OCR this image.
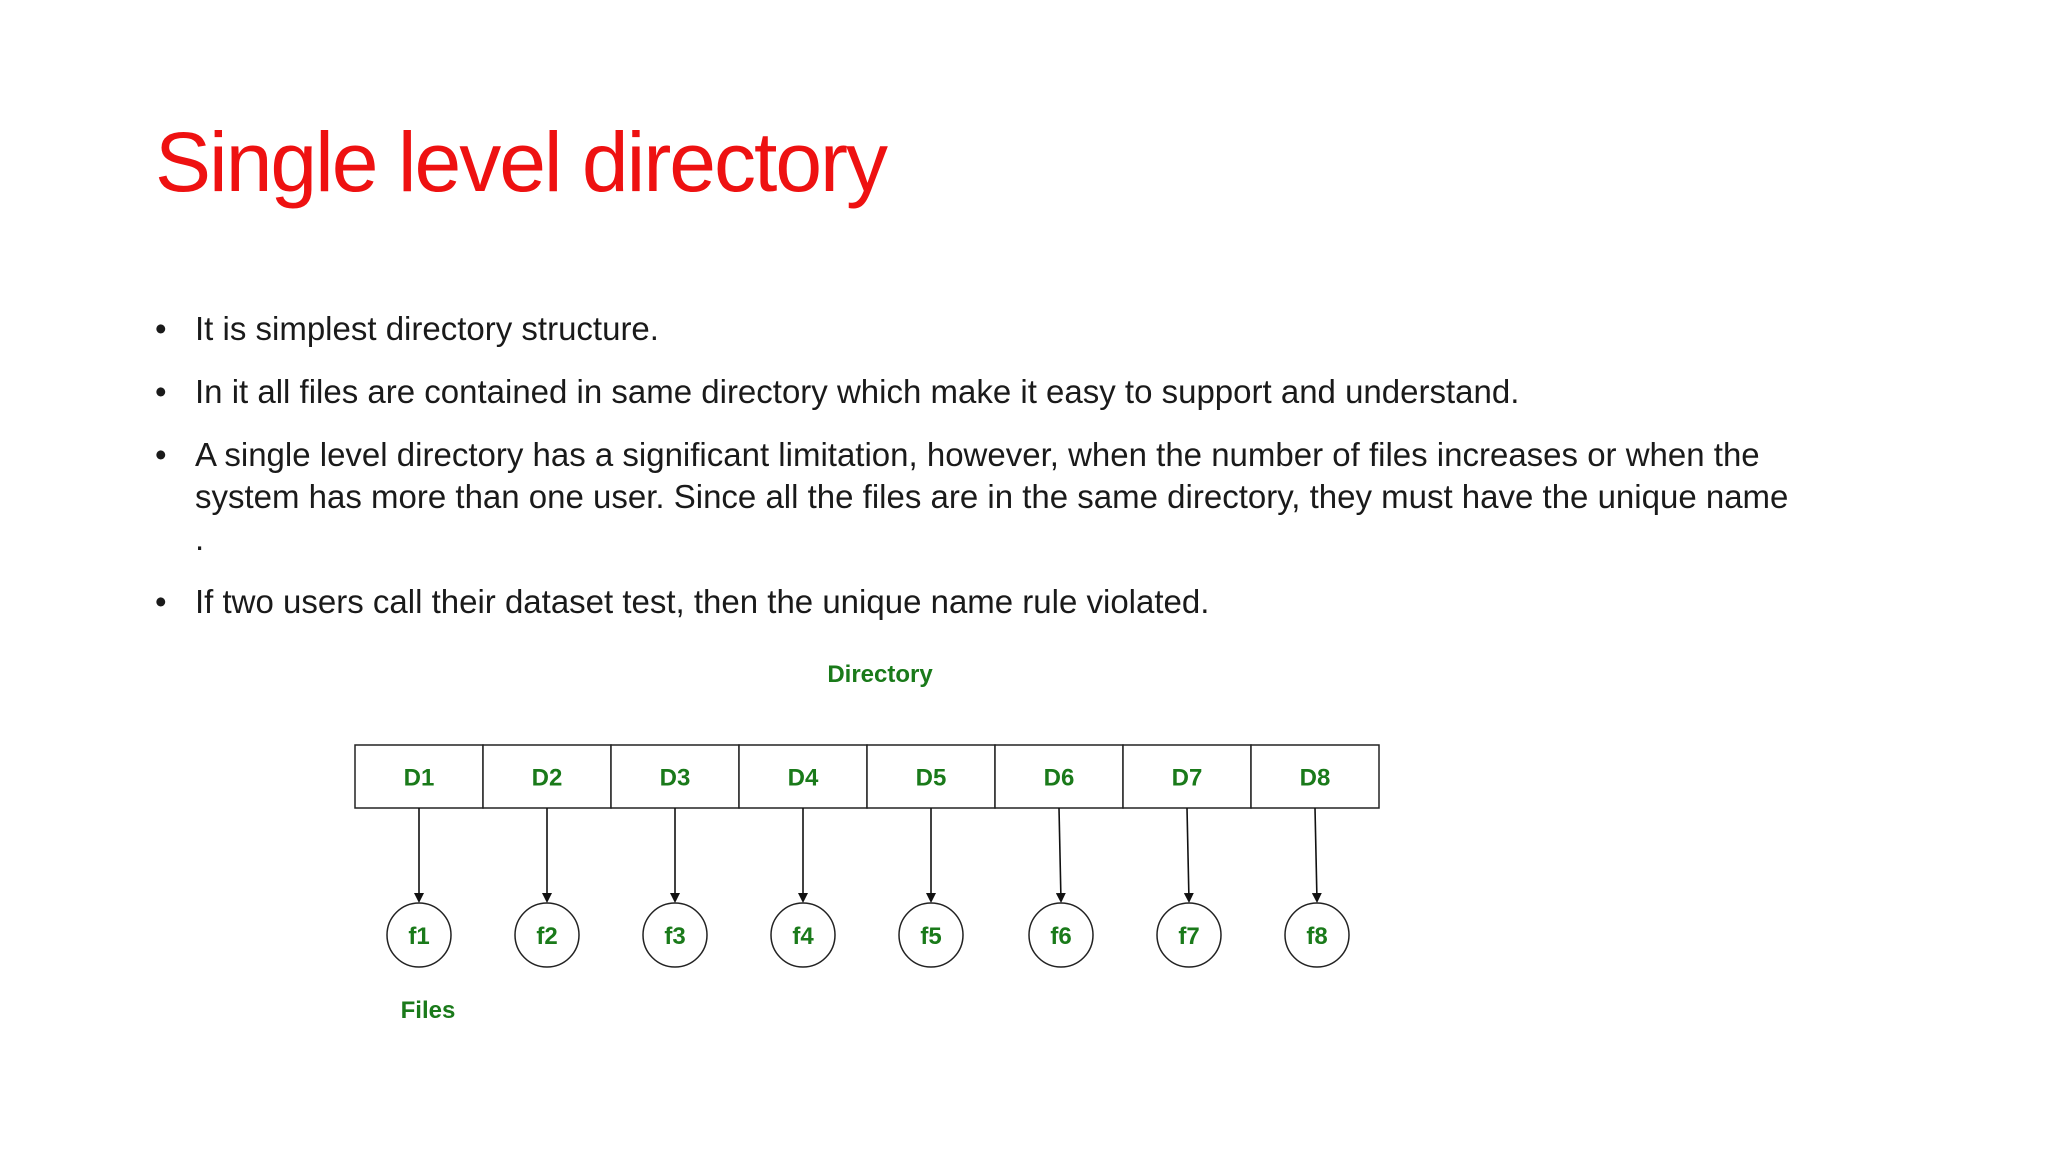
Single level directory
• It is simplest directory structure.
• In it all files are contained in same directory which make it easy to support and understand.
• A single level directory has a significant limitation, however, when the number of files increases or when the
system has more than one user. Since all the files are in the same directory, they must have the unique name
.
• If two users call their dataset test, then the unique name rule violated.
Directory
D1	D2	D3	D4	D5	D6	D7	D8
f1	f2	f3	f4	f5	f6	f7	f8
Files
